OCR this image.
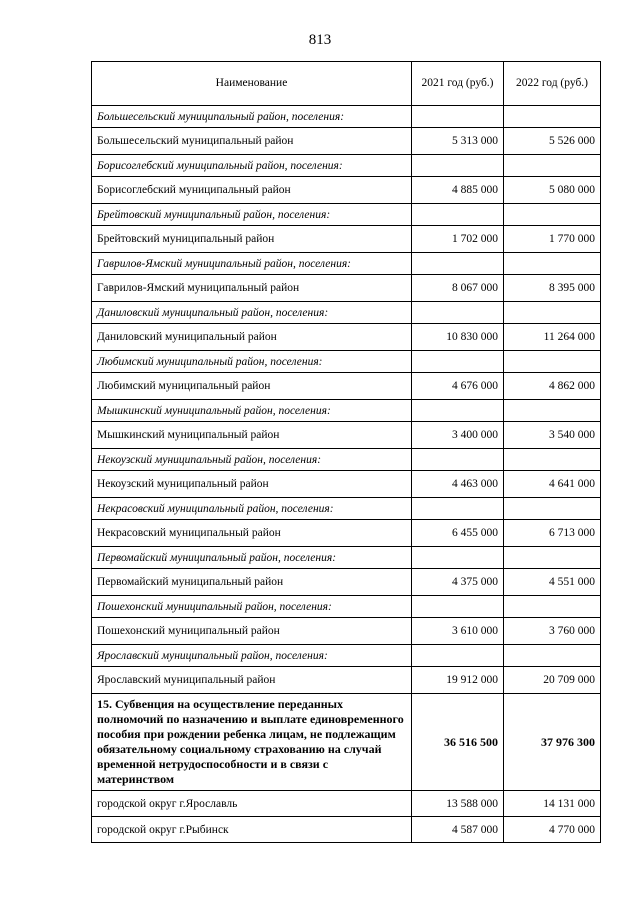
813
Наименование	2021 год (руб.)	2022 год (руб.)
Большесельский муниципальный район, поселения:		
Большесельский муниципальный район	5 313 000	5 526 000
Борисоглебский муниципальный район, поселения:		
Борисоглебский муниципальный район	4 885 000	5 080 000
Брейтовский муниципальный район, поселения:		
Брейтовский муниципальный район	1 702 000	1 770 000
Гаврилов-Ямский муниципальный район, поселения:		
Гаврилов-Ямский муниципальный район	8 067 000	8 395 000
Даниловский муниципальный район, поселения:		
Даниловский муниципальный район	10 830 000	11 264 000
Любимский муниципальный район, поселения:		
Любимский муниципальный район	4 676 000	4 862 000
Мышкинский муниципальный район, поселения:		
Мышкинский муниципальный район	3 400 000	3 540 000
Некоузский муниципальный район, поселения:		
Некоузский муниципальный район	4 463 000	4 641 000
Некрасовский муниципальный район, поселения:		
Некрасовский муниципальный район	6 455 000	6 713 000
Первомайский муниципальный район, поселения:		
Первомайский муниципальный район	4 375 000	4 551 000
Пошехонский муниципальный район, поселения:		
Пошехонский муниципальный район	3 610 000	3 760 000
Ярославский муниципальный район, поселения:		
Ярославский муниципальный район	19 912 000	20 709 000
15. Субвенция на осуществление переданных полномочий по назначению и выплате единовременного пособия при рождении ребенка лицам, не подлежащим обязательному социальному страхованию на случай временной нетрудоспособности и в связи с материнством	36 516 500	37 976 300
городской округ г.Ярославль	13 588 000	14 131 000
городской округ г.Рыбинск	4 587 000	4 770 000
